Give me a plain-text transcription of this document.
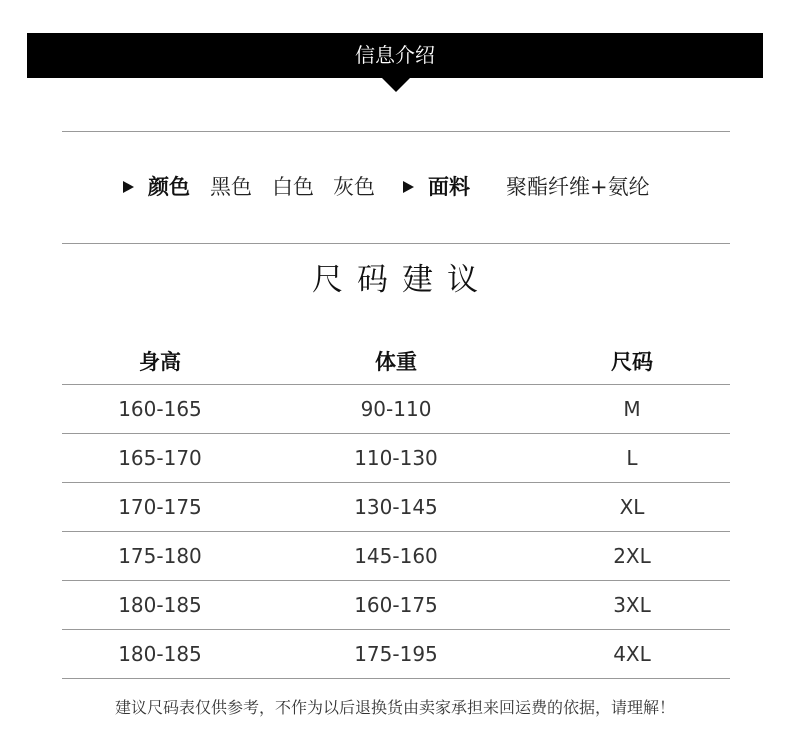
信息介绍
颜色 黑色 白色 灰色	面料 聚酯纤维+氨纶
尺码建议
身高	体重	尺码
160-165	90-110	M
165-170	110-130	L
170-175	130-145	XL
175-180	145-160	2XL
180-185	160-175	3XL
180-185	175-195	4XL
建议尺码表仅供参考，不作为以后退换货由卖家承担来回运费的依据，请理解！
